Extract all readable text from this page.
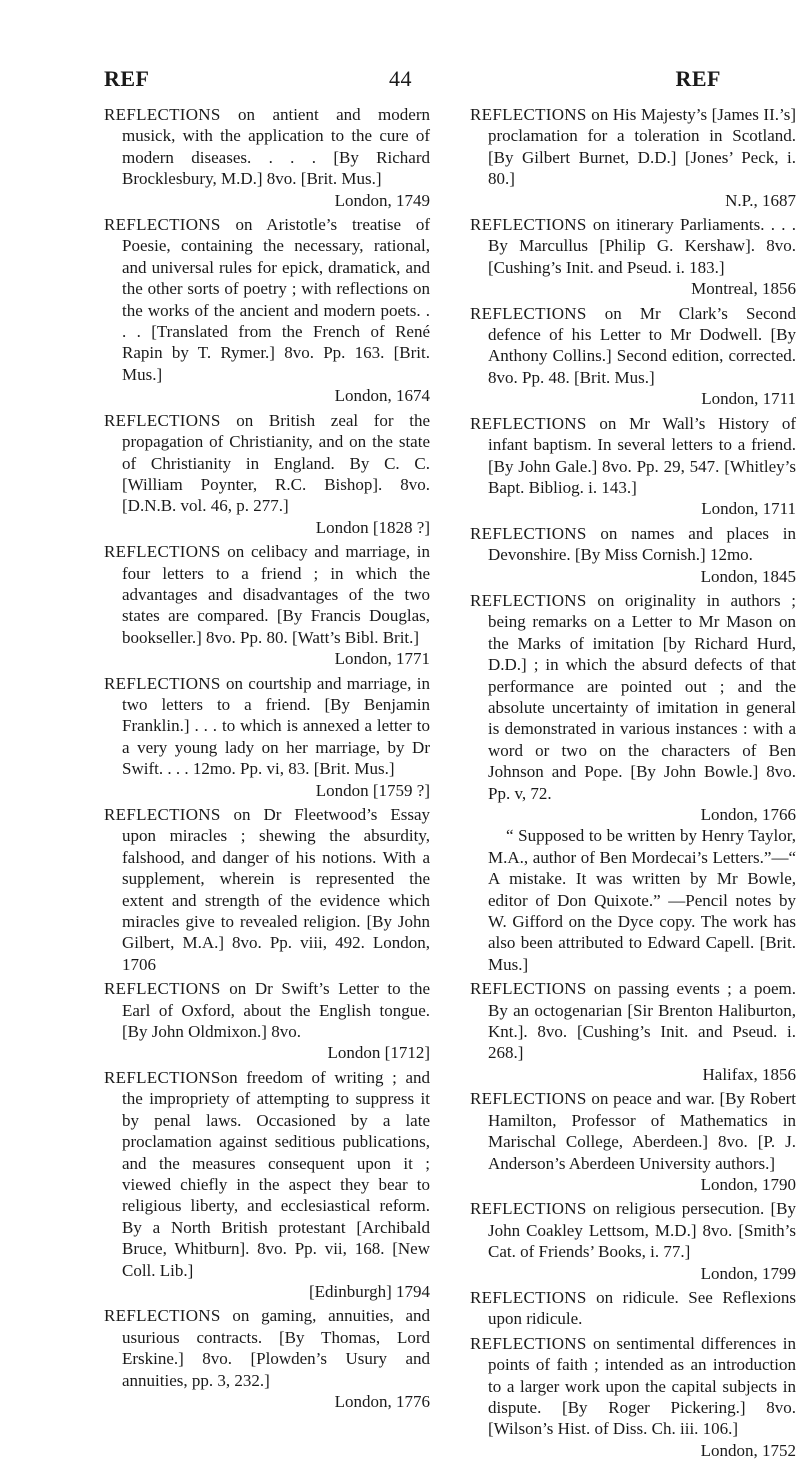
REF	44	REF

REFLECTIONS on antient and modern musick, with the application to the cure of modern diseases. . . . [By Richard Brocklesbury, M.D.] 8vo. [Brit. Mus.]
London, 1749

REFLECTIONS on Aristotle’s treatise of Poesie, containing the necessary, rational, and universal rules for epick, dramatick, and the other sorts of poetry ; with reflections on the works of the ancient and modern poets. . . . [Translated from the French of René Rapin by T. Rymer.] 8vo. Pp. 163. [Brit. Mus.]
London, 1674

REFLECTIONS on British zeal for the propagation of Christianity, and on the state of Christianity in England. By C. C. [William Poynter, R.C. Bishop]. 8vo. [D.N.B. vol. 46, p. 277.]
London [1828 ?]

REFLECTIONS on celibacy and marriage, in four letters to a friend ; in which the advantages and disadvantages of the two states are compared. [By Francis Douglas, bookseller.] 8vo. Pp. 80. [Watt’s Bibl. Brit.]
London, 1771

REFLECTIONS on courtship and marriage, in two letters to a friend. [By Benjamin Franklin.] . . . to which is annexed a letter to a very young lady on her marriage, by Dr Swift. . . . 12mo. Pp. vi, 83. [Brit. Mus.]
London [1759 ?]

REFLECTIONS on Dr Fleetwood’s Essay upon miracles ; shewing the absurdity, falshood, and danger of his notions. With a supplement, wherein is represented the extent and strength of the evidence which miracles give to revealed religion. [By John Gilbert, M.A.] 8vo. Pp. viii, 492. London, 1706

REFLECTIONS on Dr Swift’s Letter to the Earl of Oxford, about the English tongue. [By John Oldmixon.] 8vo.
London [1712]

REFLECTIONSon freedom of writing ; and the impropriety of attempting to suppress it by penal laws. Occasioned by a late proclamation against seditious publications, and the measures consequent upon it ; viewed chiefly in the aspect they bear to religious liberty, and ecclesiastical reform. By a North British protestant [Archibald Bruce, Whitburn]. 8vo. Pp. vii, 168. [New Coll. Lib.]
[Edinburgh] 1794

REFLECTIONS on gaming, annuities, and usurious contracts. [By Thomas, Lord Erskine.] 8vo. [Plowden’s Usury and annuities, pp. 3, 232.]
London, 1776

REFLECTIONS on His Majesty’s [James II.’s] proclamation for a toleration in Scotland. [By Gilbert Burnet, D.D.] [Jones’ Peck, i. 80.]
N.P., 1687

REFLECTIONS on itinerary Parliaments. . . . By Marcullus [Philip G. Kershaw]. 8vo. [Cushing’s Init. and Pseud. i. 183.]
Montreal, 1856

REFLECTIONS on Mr Clark’s Second defence of his Letter to Mr Dodwell. [By Anthony Collins.] Second edition, corrected. 8vo. Pp. 48. [Brit. Mus.]
London, 1711

REFLECTIONS on Mr Wall’s History of infant baptism. In several letters to a friend. [By John Gale.] 8vo. Pp. 29, 547. [Whitley’s Bapt. Bibliog. i. 143.]
London, 1711

REFLECTIONS on names and places in Devonshire. [By Miss Cornish.] 12mo.
London, 1845

REFLECTIONS on originality in authors ; being remarks on a Letter to Mr Mason on the Marks of imitation [by Richard Hurd, D.D.] ; in which the absurd defects of that performance are pointed out ; and the absolute uncertainty of imitation in general is demonstrated in various instances : with a word or two on the characters of Ben Johnson and Pope. [By John Bowle.] 8vo. Pp. v, 72.
London, 1766
“ Supposed to be written by Henry Taylor, M.A., author of Ben Mordecai’s Letters.”—“ A mistake. It was written by Mr Bowle, editor of Don Quixote.” —Pencil notes by W. Gifford on the Dyce copy. The work has also been attributed to Edward Capell. [Brit. Mus.]

REFLECTIONS on passing events ; a poem. By an octogenarian [Sir Brenton Haliburton, Knt.]. 8vo. [Cushing’s Init. and Pseud. i. 268.]
Halifax, 1856

REFLECTIONS on peace and war. [By Robert Hamilton, Professor of Mathematics in Marischal College, Aberdeen.] 8vo. [P. J. Anderson’s Aberdeen University authors.]
London, 1790

REFLECTIONS on religious persecution. [By John Coakley Lettsom, M.D.] 8vo. [Smith’s Cat. of Friends’ Books, i. 77.]
London, 1799

REFLECTIONS on ridicule. See Reflexions upon ridicule.

REFLECTIONS on sentimental differences in points of faith ; intended as an introduction to a larger work upon the capital subjects in dispute. [By Roger Pickering.] 8vo. [Wilson’s Hist. of Diss. Ch. iii. 106.]
London, 1752
